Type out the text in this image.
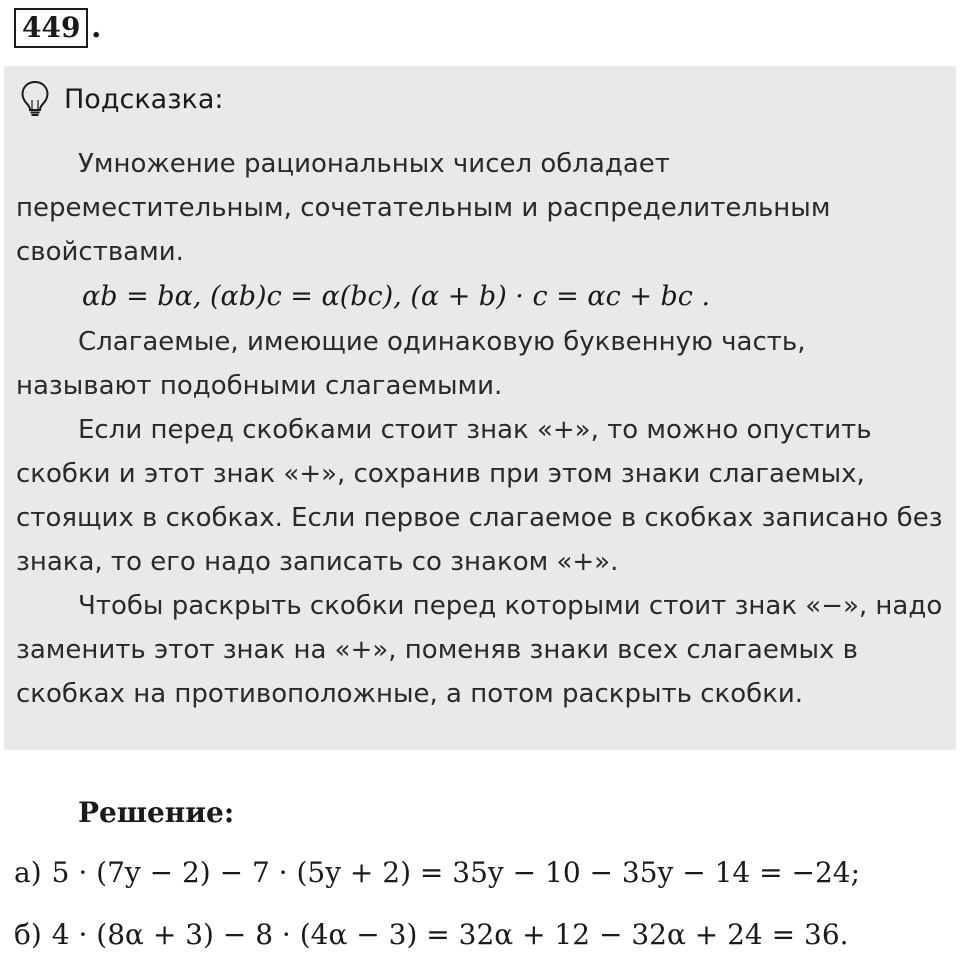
449 .
Подсказка:

Умножение рациональных чисел обладает переместительным, сочетательным и распределительным свойствами.

αb = bα, (αb)c = α(bc), (α + b) · c = αc + bc .

Слагаемые, имеющие одинаковую буквенную часть, называют подобными слагаемыми.

Если перед скобками стоит знак «+», то можно опустить скобки и этот знак «+», сохранив при этом знаки слагаемых, стоящих в скобках. Если первое слагаемое в скобках записано без знака, то его надо записать со знаком «+».

Чтобы раскрыть скобки перед которыми стоит знак «−», надо заменить этот знак на «+», поменяв знаки всех слагаемых в скобках на противоположные, а потом раскрыть скобки.

Решение:
а) 5 · (7y − 2) − 7 · (5y + 2) = 35y − 10 − 35y − 14 = −24;
б) 4 · (8α + 3) − 8 · (4α − 3) = 32α + 12 − 32α + 24 = 36.
